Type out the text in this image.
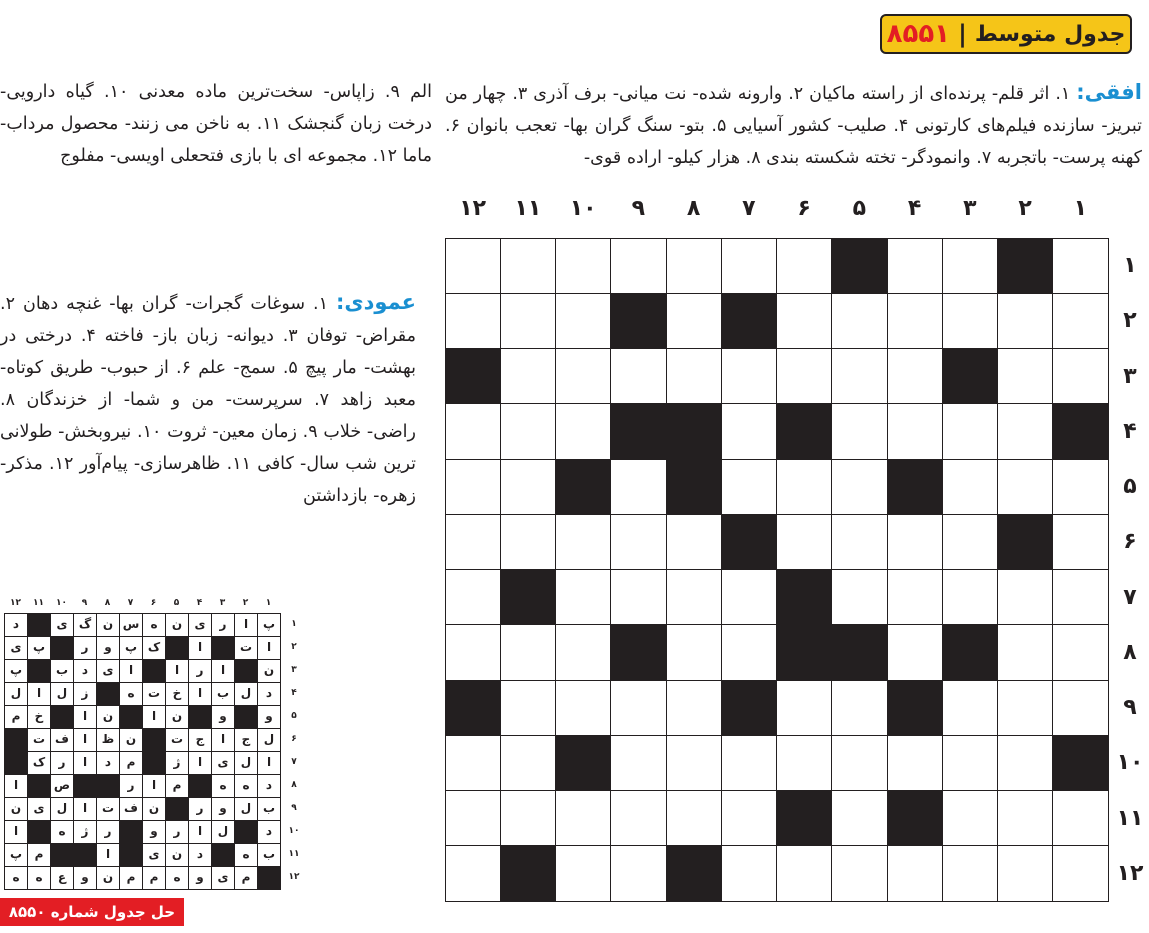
جدول متوسط
|
۸۵۵۱
افقی: ۱. اثر قلم- پرنده‌ای از راسته ماکیان ۲. وارونه شده- نت میانی- برف آذری ۳. چهار من تبریز- سازنده فیلم‌های کارتونی ۴. صلیب- کشور آسیایی ۵. بتو- سنگ گران بها- تعجب بانوان ۶. کهنه پرست- باتجربه ۷. وانمودگر- تخته شکسته بندی ۸. هزار کیلو- اراده قوی-
الم ۹. زاپاس- سخت‌ترین ماده معدنی ۱۰. گیاه دارویی- درخت زبان گنجشک ۱۱. به ناخن می زنند- محصول مرداب- ماما ۱۲. مجموعه ای با بازی فتحعلی اویسی- مفلوج
عمودی: ۱. سوغات گجرات- گران بها- غنچه دهان ۲. مقراض- توفان ۳. دیوانه- زبان باز- فاخته ۴. درختی در بهشت- مار پیچ ۵. سمج- علم ۶. از حبوب- طریق کوتاه- معبد زاهد ۷. سرپرست- من و شما- از خزندگان ۸. راضی- خلاب ۹. زمان معین- ثروت ۱۰. نیروبخش- طولانی ترین شب سال- کافی ۱۱. ظاهرسازی- پیام‌آور ۱۲. مذکر- زهره- بازداشتن
۱
۲
۳
۴
۵
۶
۷
۸
۹
۱۰
۱۱
۱۲
۱
۲
۳
۴
۵
۶
۷
۸
۹
۱۰
۱۱
۱۲
۱
۲
۳
۴
۵
۶
۷
۸
۹
۱۰
۱۱
۱۲
۱
۲
۳
۴
۵
۶
۷
۸
۹
۱۰
۱۱
۱۲
پ
ا
ر
ی
ن
ه
س
ن
گ
ی
د
ا
ت
ا
ک
پ
و
ر
پ
ی
ن
ا
ر
ا
ا
ی
د
ب
پ
د
ل
ب
ا
خ
ت
ه
ز
ل
ا
ل
و
و
ن
ا
ن
ا
خ
م
ل
ج
ا
ج
ت
ن
ظ
ا
ف
ت
ا
ل
ی
ا
ژ
م
د
ا
ر
ک
د
ه
ه
م
ا
ر
ص
ا
ب
ل
و
ر
ن
ف
ت
ا
ل
ی
ن
د
ل
ا
ر
و
ر
ژ
ه
ا
ب
ه
د
ن
ی
ا
م
پ
م
ی
و
ه
م
م
ن
و
ع
ه
ه
حل جدول شماره ۸۵۵۰
